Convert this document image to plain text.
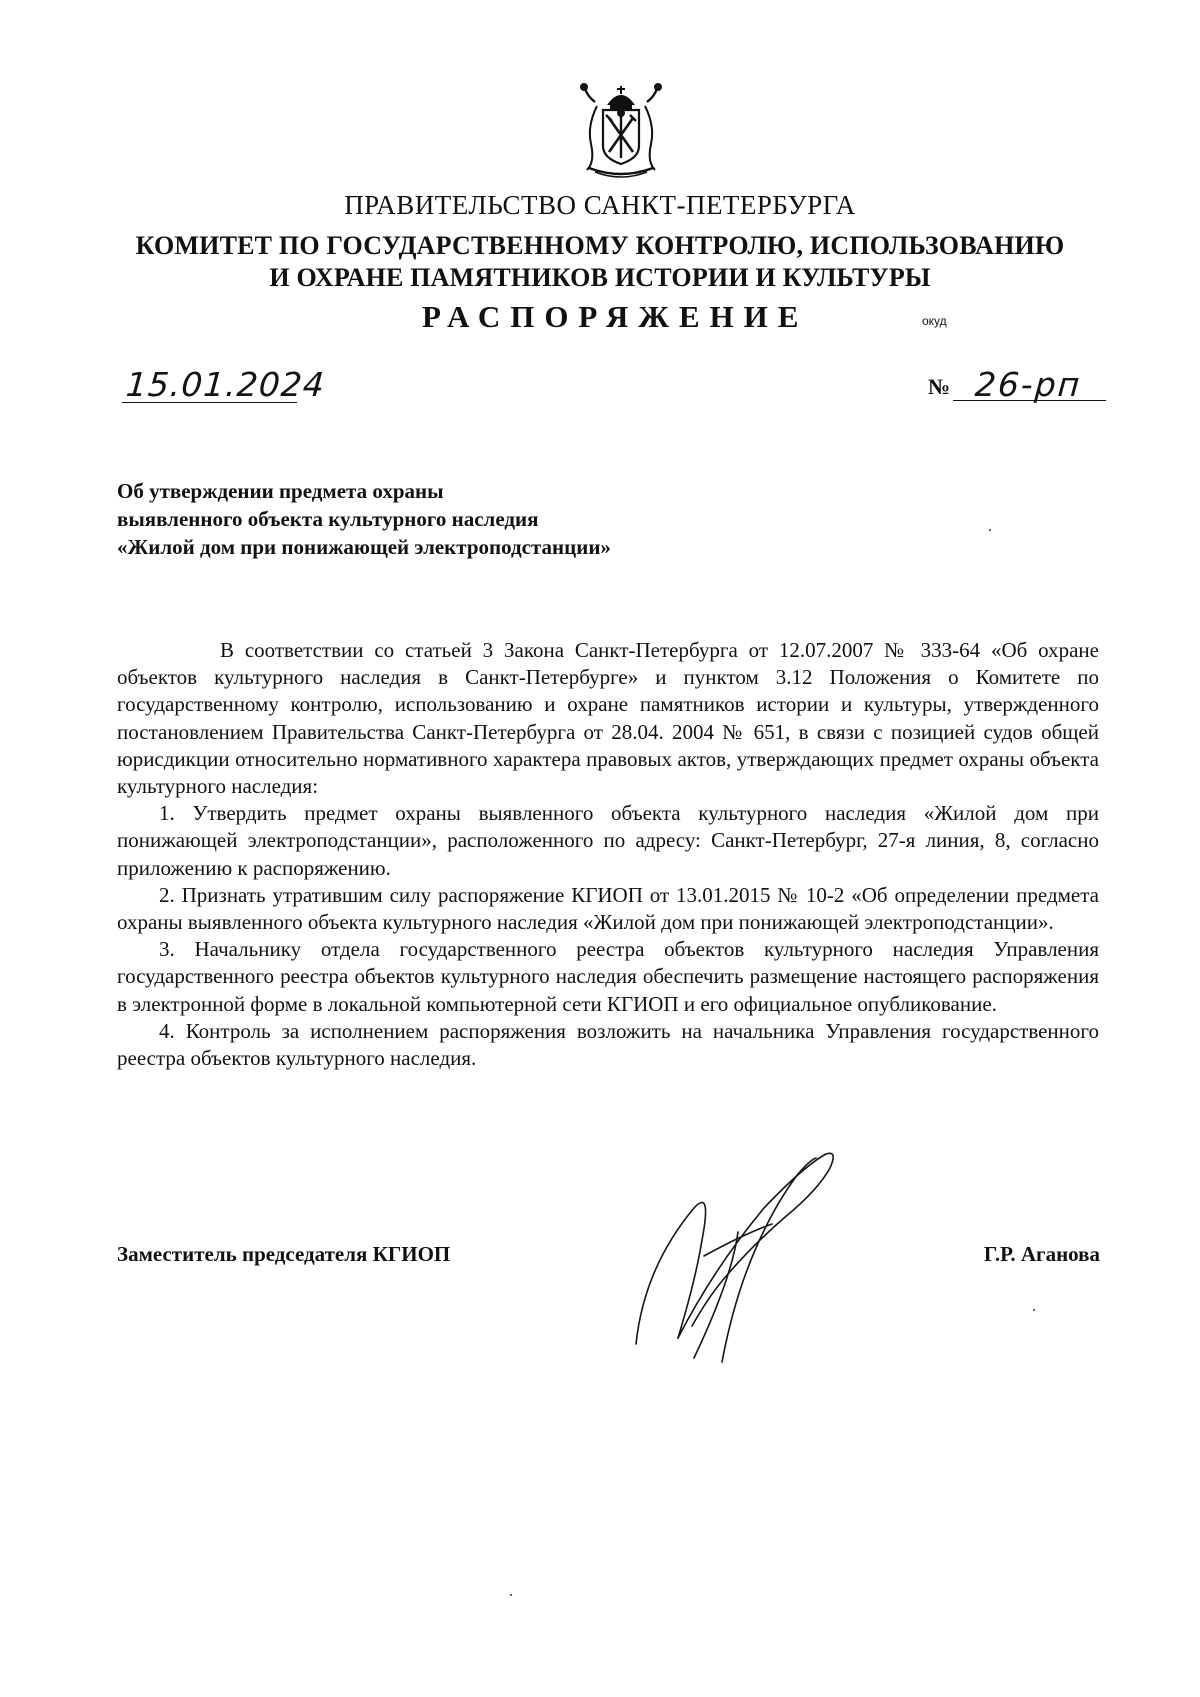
ПРАВИТЕЛЬСТВО САНКТ-ПЕТЕРБУРГА
КОМИТЕТ ПО ГОСУДАРСТВЕННОМУ КОНТРОЛЮ, ИСПОЛЬЗОВАНИЮ
И ОХРАНЕ ПАМЯТНИКОВ ИСТОРИИ И КУЛЬТУРЫ
РАСПОРЯЖЕНИЕ	окуд
15.01.2024	№ 26-рп
Об утверждении предмета охраны
выявленного объекта культурного наследия
«Жилой дом при понижающей электроподстанции»

В соответствии со статьей 3 Закона Санкт-Петербурга от 12.07.2007 № 333-64 «Об охране объектов культурного наследия в Санкт-Петербурге» и пунктом 3.12 Положения о Комитете по государственному контролю, использованию и охране памятников истории и культуры, утвержденного постановлением Правительства Санкт-Петербурга от 28.04. 2004 № 651, в связи с позицией судов общей юрисдикции относительно нормативного характера правовых актов, утверждающих предмет охраны объекта культурного наследия:

1. Утвердить предмет охраны выявленного объекта культурного наследия «Жилой дом при понижающей электроподстанции», расположенного по адресу: Санкт-Петербург, 27-я линия, 8, согласно приложению к распоряжению.

2. Признать утратившим силу распоряжение КГИОП от 13.01.2015 № 10-2 «Об определении предмета охраны выявленного объекта культурного наследия «Жилой дом при понижающей электроподстанции».

3. Начальнику отдела государственного реестра объектов культурного наследия Управления государственного реестра объектов культурного наследия обеспечить размещение настоящего распоряжения в электронной форме в локальной компьютерной сети КГИОП и его официальное опубликование.

4. Контроль за исполнением распоряжения возложить на начальника Управления государственного реестра объектов культурного наследия.

Заместитель председателя КГИОП	Г.Р. Аганова
